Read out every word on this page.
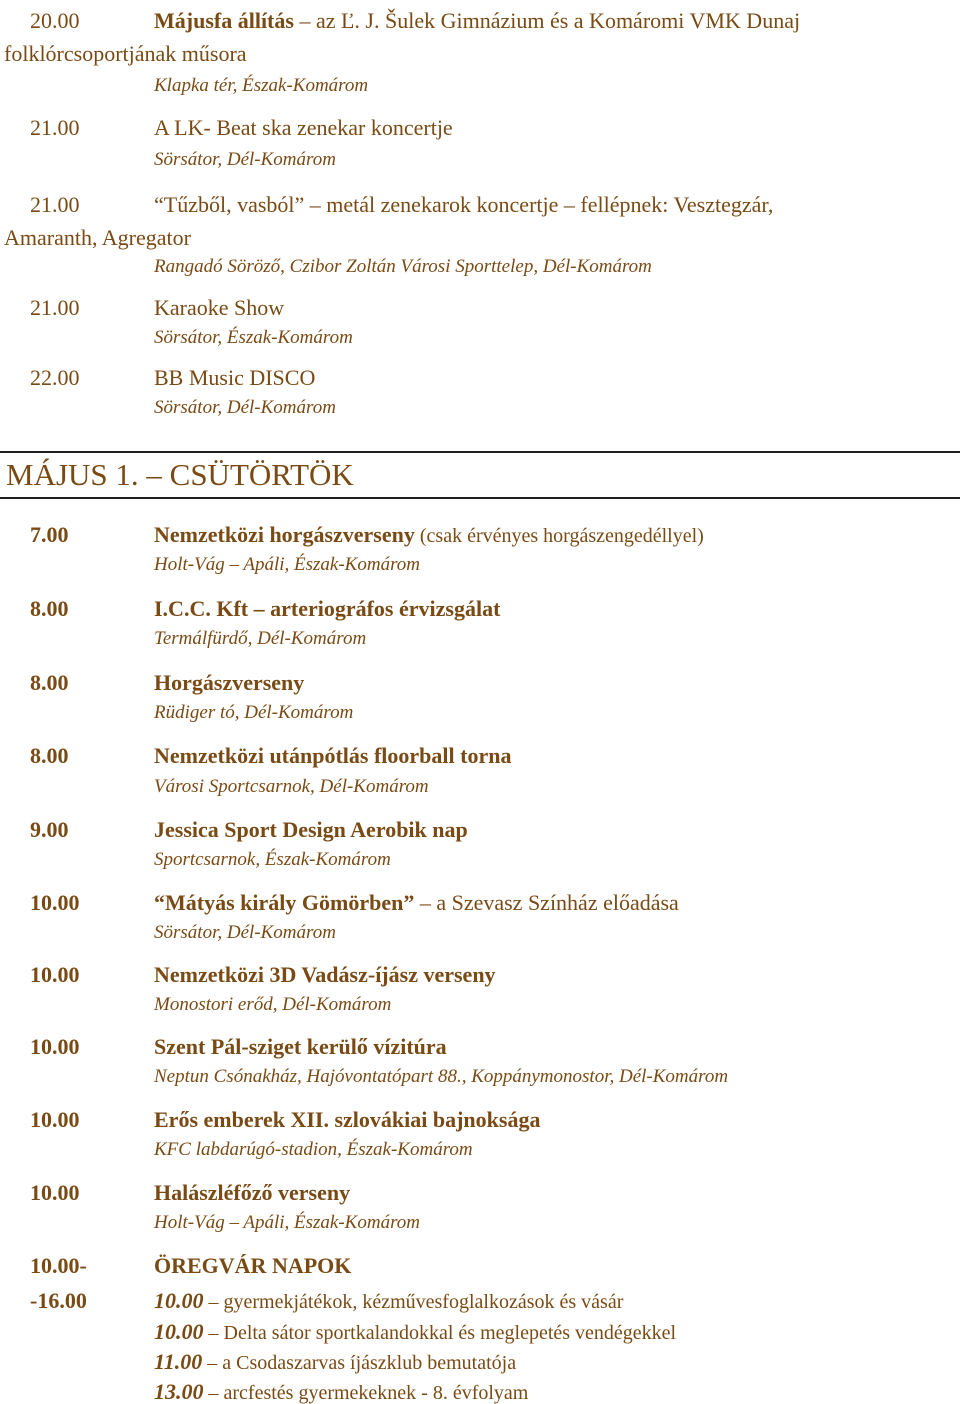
20.00	Májusfa állítás – az Ľ. J. Šulek Gimnázium és a Komáromi VMK Dunaj
folklórcsoportjának műsora
Klapka tér, Észak-Komárom
21.00	A LK- Beat ska zenekar koncertje
Sörsátor, Dél-Komárom
21.00	“Tűzből, vasból” – metál zenekarok koncertje – fellépnek: Vesztegzár,
Amaranth, Agregator
Rangadó Söröző, Czibor Zoltán Városi Sporttelep, Dél-Komárom
21.00	Karaoke Show
Sörsátor, Észak-Komárom
22.00	BB Music DISCO
Sörsátor, Dél-Komárom
MÁJUS 1. – CSÜTÖRTÖK
7.00	Nemzetközi horgászverseny (csak érvényes horgászengedéllyel)
Holt-Vág – Apáli, Észak-Komárom
8.00	I.C.C. Kft – arteriográfos érvizsgálat
Termálfürdő, Dél-Komárom
8.00	Horgászverseny
Rüdiger tó, Dél-Komárom
8.00	Nemzetközi utánpótlás floorball torna
Városi Sportcsarnok, Dél-Komárom
9.00	Jessica Sport Design Aerobik nap
Sportcsarnok, Észak-Komárom
10.00	“Mátyás király Gömörben” – a Szevasz Színház előadása
Sörsátor, Dél-Komárom
10.00	Nemzetközi 3D Vadász-íjász verseny
Monostori erőd, Dél-Komárom
10.00	Szent Pál-sziget kerülő vízitúra
Neptun Csónakház, Hajóvontatópart 88., Koppánymonostor, Dél-Komárom
10.00	Erős emberek XII. szlovákiai bajnoksága
KFC labdarúgó-stadion, Észak-Komárom
10.00	Halászléfőző verseny
Holt-Vág – Apáli, Észak-Komárom
10.00-	ÖREGVÁR NAPOK
-16.00	10.00 – gyermekjátékok, kézművesfoglalkozások és vásár
10.00 – Delta sátor sportkalandokkal és meglepetés vendégekkel
11.00 – a Csodaszarvas íjászklub bemutatója
13.00 – arcfestés gyermekeknek - 8. évfolyam
